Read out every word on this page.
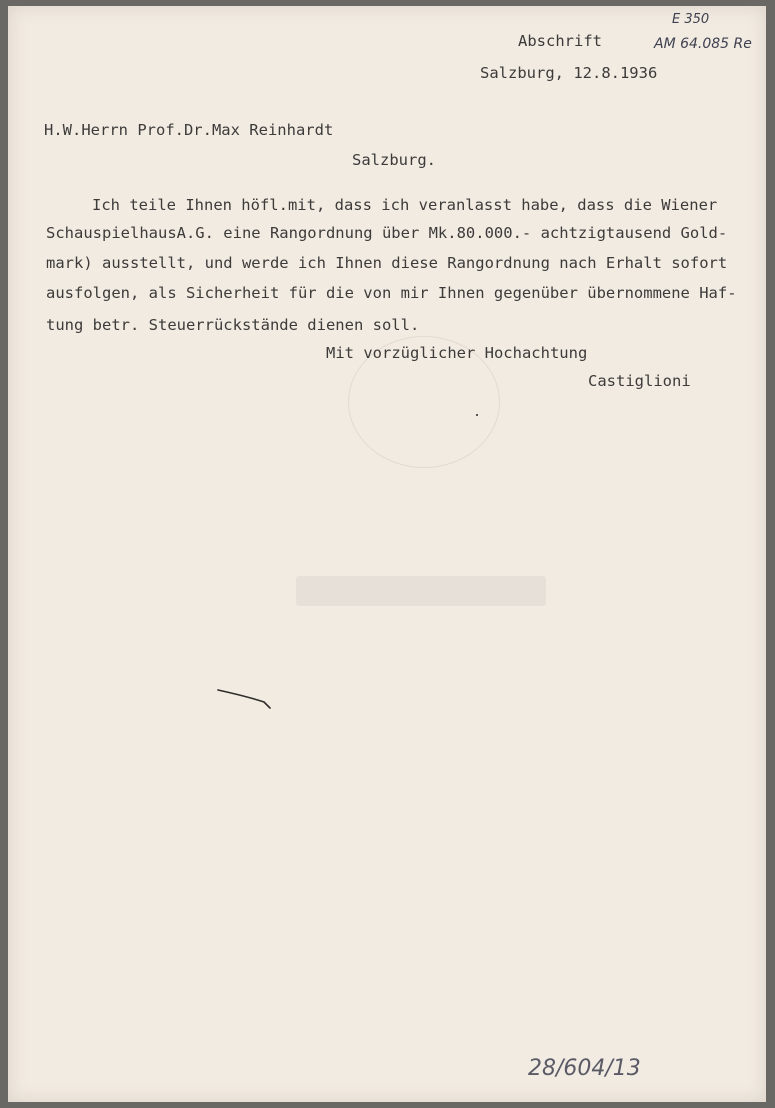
E 350
AM 64.085 Re
Abschrift
Salzburg, 12.8.1936
H.W.Herrn Prof.Dr.Max Reinhardt
Salzburg.
Ich teile Ihnen höfl.mit, dass ich veranlasst habe, dass die Wiener
SchauspielhausA.G. eine Rangordnung über Mk.80.000.- achtzigtausend Gold-
mark) ausstellt, und werde ich Ihnen diese Rangordnung nach Erhalt sofort
ausfolgen, als Sicherheit für die von mir Ihnen gegenüber übernommene Haf-
tung betr. Steuerrückstände dienen soll.
Mit vorzüglicher Hochachtung
Castiglioni
28/604/13
